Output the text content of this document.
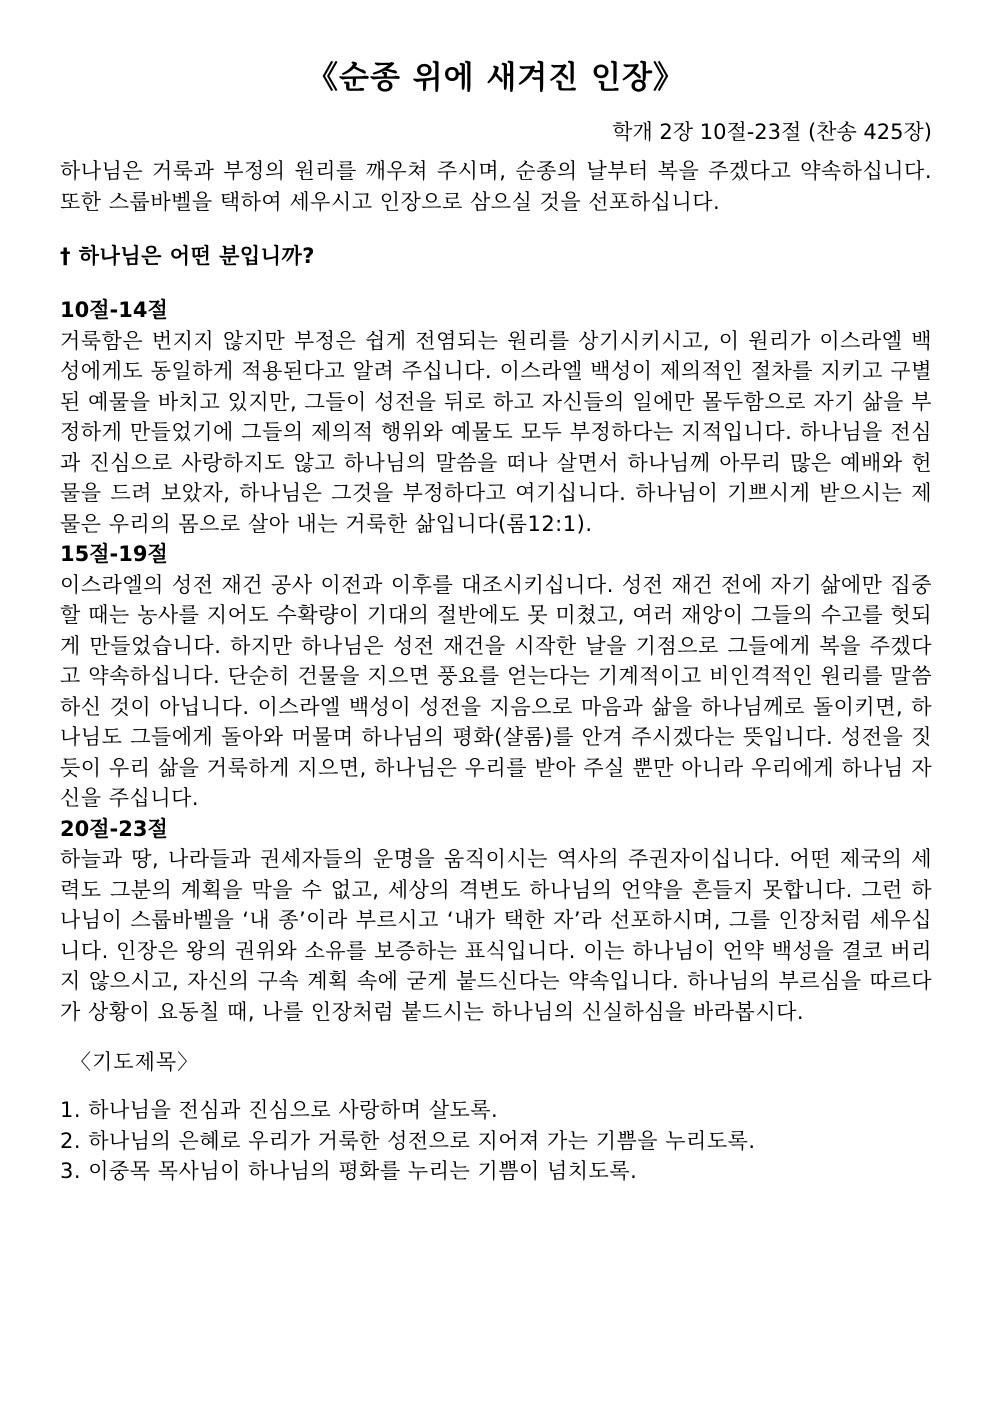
《순종 위에 새겨진 인장》
학개 2장 10절-23절 (찬송 425장)

하나님은 거룩과 부정의 원리를 깨우쳐 주시며, 순종의 날부터 복을 주겠다고 약속하십니다. 또한 스룹바벨을 택하여 세우시고 인장으로 삼으실 것을 선포하십니다.

† 하나님은 어떤 분입니까?
10절-14절

거룩함은 번지지 않지만 부정은 쉽게 전염되는 원리를 상기시키시고, 이 원리가 이스라엘 백성에게도 동일하게 적용된다고 알려 주십니다. 이스라엘 백성이 제의적인 절차를 지키고 구별된 예물을 바치고 있지만, 그들이 성전을 뒤로 하고 자신들의 일에만 몰두함으로 자기 삶을 부정하게 만들었기에 그들의 제의적 행위와 예물도 모두 부정하다는 지적입니다. 하나님을 전심과 진심으로 사랑하지도 않고 하나님의 말씀을 떠나 살면서 하나님께 아무리 많은 예배와 헌물을 드려 보았자, 하나님은 그것을 부정하다고 여기십니다. 하나님이 기쁘시게 받으시는 제물은 우리의 몸으로 살아 내는 거룩한 삶입니다(롬12:1).

15절-19절

이스라엘의 성전 재건 공사 이전과 이후를 대조시키십니다. 성전 재건 전에 자기 삶에만 집중할 때는 농사를 지어도 수확량이 기대의 절반에도 못 미쳤고, 여러 재앙이 그들의 수고를 헛되게 만들었습니다. 하지만 하나님은 성전 재건을 시작한 날을 기점으로 그들에게 복을 주겠다고 약속하십니다. 단순히 건물을 지으면 풍요를 얻는다는 기계적이고 비인격적인 원리를 말씀하신 것이 아닙니다. 이스라엘 백성이 성전을 지음으로 마음과 삶을 하나님께로 돌이키면, 하나님도 그들에게 돌아와 머물며 하나님의 평화(샬롬)를 안겨 주시겠다는 뜻입니다. 성전을 짓듯이 우리 삶을 거룩하게 지으면, 하나님은 우리를 받아 주실 뿐만 아니라 우리에게 하나님 자신을 주십니다.

20절-23절

하늘과 땅, 나라들과 권세자들의 운명을 움직이시는 역사의 주권자이십니다. 어떤 제국의 세력도 그분의 계획을 막을 수 없고, 세상의 격변도 하나님의 언약을 흔들지 못합니다. 그런 하나님이 스룹바벨을 ‘내 종’이라 부르시고 ‘내가 택한 자’라 선포하시며, 그를 인장처럼 세우십니다. 인장은 왕의 권위와 소유를 보증하는 표식입니다. 이는 하나님이 언약 백성을 결코 버리지 않으시고, 자신의 구속 계획 속에 굳게 붙드신다는 약속입니다. 하나님의 부르심을 따르다가 상황이 요동칠 때, 나를 인장처럼 붙드시는 하나님의 신실하심을 바라봅시다.

〈기도제목〉
1. 하나님을 전심과 진심으로 사랑하며 살도록.
2. 하나님의 은혜로 우리가 거룩한 성전으로 지어져 가는 기쁨을 누리도록.
3. 이중목 목사님이 하나님의 평화를 누리는 기쁨이 넘치도록.
